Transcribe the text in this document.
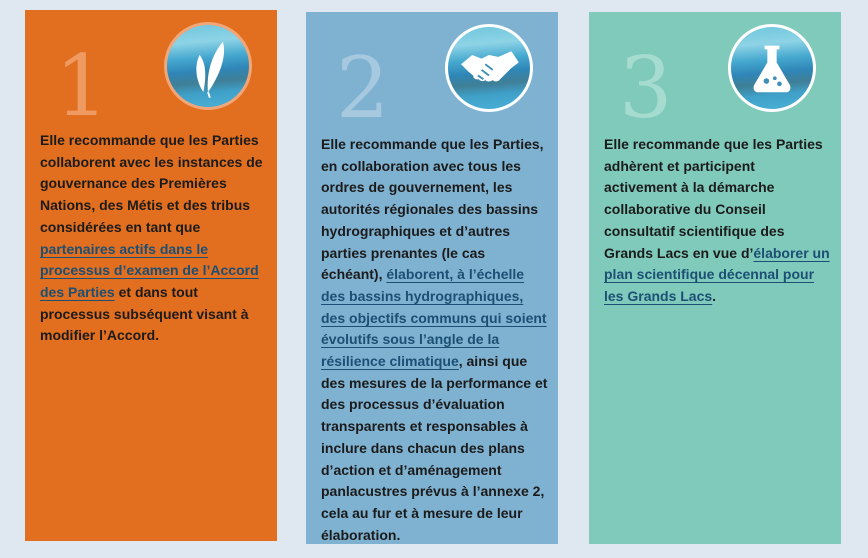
1

Elle recommande que les Parties collaborent avec les instances de gouvernance des Premières Nations, des Métis et des tribus considérées en tant que partenaires actifs dans le processus d’examen de l’Accord des Parties et dans tout processus subséquent visant à modifier l’Accord.

2

Elle recommande que les Parties, en collaboration avec tous les ordres de gouvernement, les autorités régionales des bassins hydrographiques et d’autres parties prenantes (le cas échéant), élaborent, à l’échelle des bassins hydrographiques, des objectifs communs qui soient évolutifs sous l’angle de la résilience climatique, ainsi que des mesures de la performance et des processus d’évaluation transparents et responsables à inclure dans chacun des plans d’action et d’aménagement panlacustres prévus à l’annexe 2, cela au fur et à mesure de leur élaboration.

3

Elle recommande que les Parties adhèrent et participent activement à la démarche collaborative du Conseil consultatif scientifique des Grands Lacs en vue d’élaborer un plan scientifique décennal pour les Grands Lacs.
